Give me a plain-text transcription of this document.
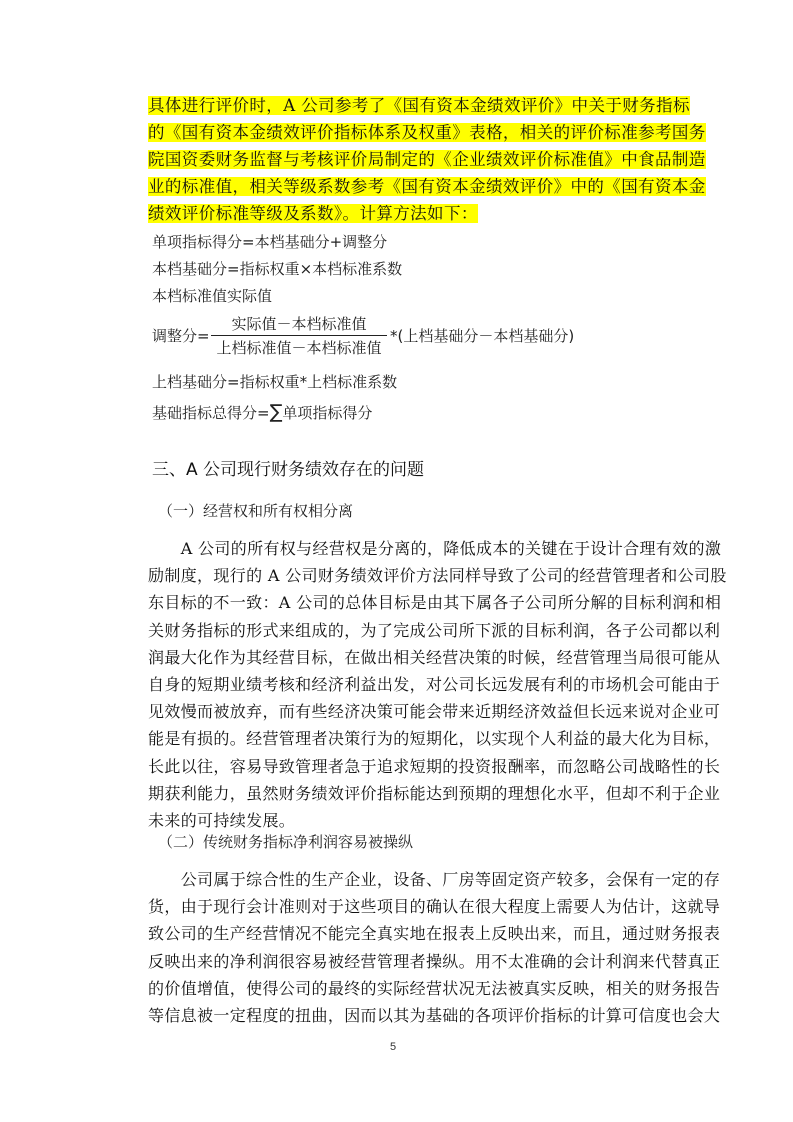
具体进行评价时，A 公司参考了《国有资本金绩效评价》中关于财务指标
的《国有资本金绩效评价指标体系及权重》表格，相关的评价标准参考国务
院国资委财务监督与考核评价局制定的《企业绩效评价标准值》中食品制造
业的标准值，相关等级系数参考《国有资本金绩效评价》中的《国有资本金
绩效评价标准等级及系数》。计算方法如下：
单项指标得分=本档基础分+调整分
本档基础分=指标权重×本档标准系数
本档标准值实际值
调整分=
实际值－本档标准值
上档标准值－本档标准值
*(上档基础分－本档基础分)
上档基础分=指标权重*上档标准系数
基础指标总得分=∑单项指标得分
三、A 公司现行财务绩效存在的问题
（一）经营权和所有权相分离
　　A 公司的所有权与经营权是分离的，降低成本的关键在于设计合理有效的激
励制度，现行的 A 公司财务绩效评价方法同样导致了公司的经营管理者和公司股
东目标的不一致：A 公司的总体目标是由其下属各子公司所分解的目标利润和相
关财务指标的形式来组成的，为了完成公司所下派的目标利润，各子公司都以利
润最大化作为其经营目标，在做出相关经营决策的时候，经营管理当局很可能从
自身的短期业绩考核和经济利益出发，对公司长远发展有利的市场机会可能由于
见效慢而被放弃，而有些经济决策可能会带来近期经济效益但长远来说对企业可
能是有损的。经营管理者决策行为的短期化，以实现个人利益的最大化为目标，
长此以往，容易导致管理者急于追求短期的投资报酬率，而忽略公司战略性的长
期获利能力，虽然财务绩效评价指标能达到预期的理想化水平，但却不利于企业
未来的可持续发展。
（二）传统财务指标净利润容易被操纵
　　公司属于综合性的生产企业，设备、厂房等固定资产较多，会保有一定的存
货，由于现行会计准则对于这些项目的确认在很大程度上需要人为估计，这就导
致公司的生产经营情况不能完全真实地在报表上反映出来，而且，通过财务报表
反映出来的净利润很容易被经营管理者操纵。用不太准确的会计利润来代替真正
的价值增值，使得公司的最终的实际经营状况无法被真实反映，相关的财务报告
等信息被一定程度的扭曲，因而以其为基础的各项评价指标的计算可信度也会大
5
